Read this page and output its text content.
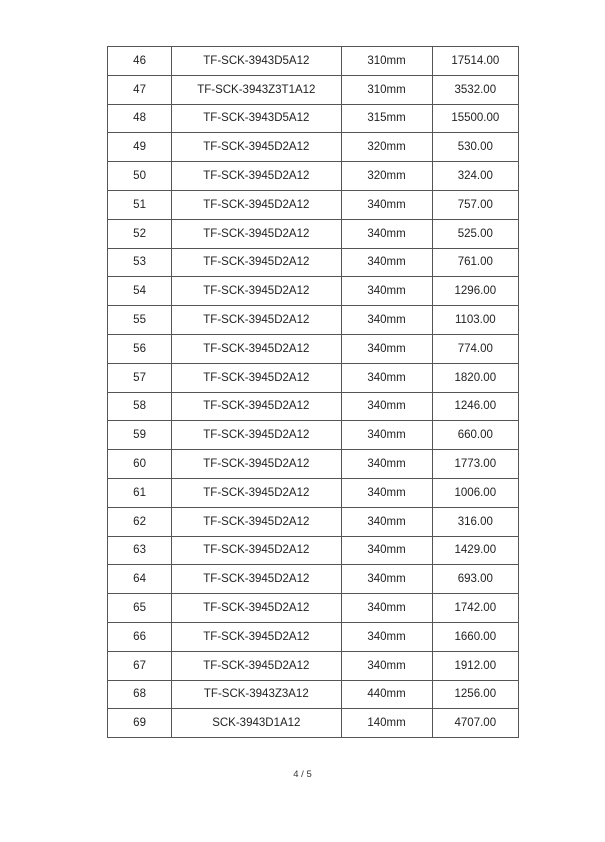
46	TF-SCK-3943D5A12	310mm	17514.00
47	TF-SCK-3943Z3T1A12	310mm	3532.00
48	TF-SCK-3943D5A12	315mm	15500.00
49	TF-SCK-3945D2A12	320mm	530.00
50	TF-SCK-3945D2A12	320mm	324.00
51	TF-SCK-3945D2A12	340mm	757.00
52	TF-SCK-3945D2A12	340mm	525.00
53	TF-SCK-3945D2A12	340mm	761.00
54	TF-SCK-3945D2A12	340mm	1296.00
55	TF-SCK-3945D2A12	340mm	1103.00
56	TF-SCK-3945D2A12	340mm	774.00
57	TF-SCK-3945D2A12	340mm	1820.00
58	TF-SCK-3945D2A12	340mm	1246.00
59	TF-SCK-3945D2A12	340mm	660.00
60	TF-SCK-3945D2A12	340mm	1773.00
61	TF-SCK-3945D2A12	340mm	1006.00
62	TF-SCK-3945D2A12	340mm	316.00
63	TF-SCK-3945D2A12	340mm	1429.00
64	TF-SCK-3945D2A12	340mm	693.00
65	TF-SCK-3945D2A12	340mm	1742.00
66	TF-SCK-3945D2A12	340mm	1660.00
67	TF-SCK-3945D2A12	340mm	1912.00
68	TF-SCK-3943Z3A12	440mm	1256.00
69	SCK-3943D1A12	140mm	4707.00
4 / 5
